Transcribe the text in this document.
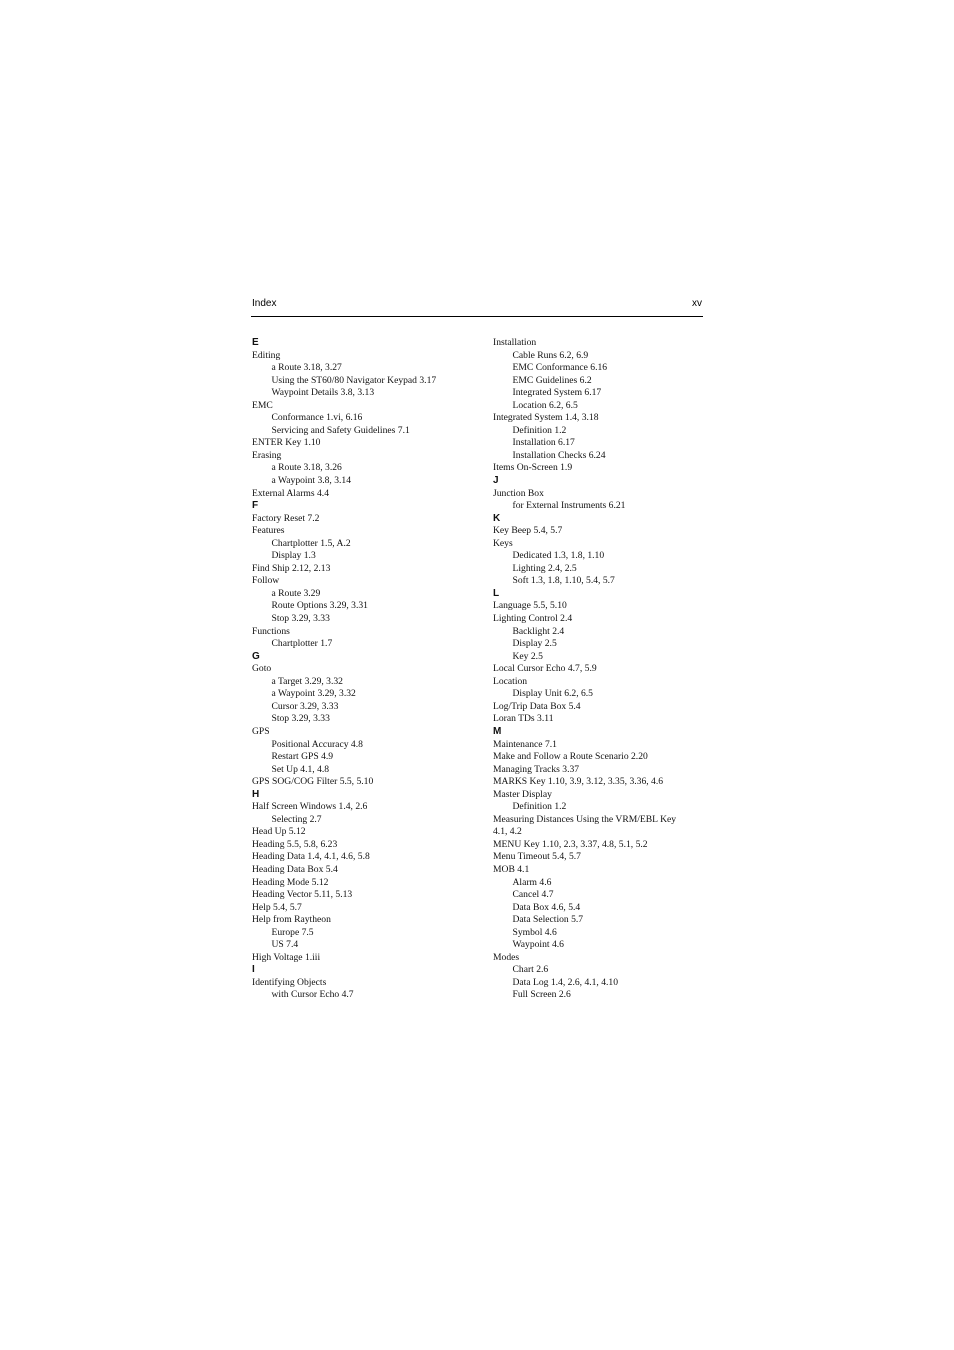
Index	xv
E
Editing
a Route 3.18, 3.27
Using the ST60/80 Navigator Keypad 3.17
Waypoint Details 3.8, 3.13
EMC
Conformance 1.vi, 6.16
Servicing and Safety Guidelines 7.1
ENTER Key 1.10
Erasing
a Route 3.18, 3.26
a Waypoint 3.8, 3.14
External Alarms 4.4
F
Factory Reset 7.2
Features
Chartplotter 1.5, A.2
Display 1.3
Find Ship 2.12, 2.13
Follow
a Route 3.29
Route Options 3.29, 3.31
Stop 3.29, 3.33
Functions
Chartplotter 1.7
G
Goto
a Target 3.29, 3.32
a Waypoint 3.29, 3.32
Cursor 3.29, 3.33
Stop 3.29, 3.33
GPS
Positional Accuracy 4.8
Restart GPS 4.9
Set Up 4.1, 4.8
GPS SOG/COG Filter 5.5, 5.10
H
Half Screen Windows 1.4, 2.6
Selecting 2.7
Head Up 5.12
Heading 5.5, 5.8, 6.23
Heading Data 1.4, 4.1, 4.6, 5.8
Heading Data Box 5.4
Heading Mode 5.12
Heading Vector 5.11, 5.13
Help 5.4, 5.7
Help from Raytheon
Europe 7.5
US 7.4
High Voltage 1.iii
I
Identifying Objects
with Cursor Echo 4.7
Installation
Cable Runs 6.2, 6.9
EMC Conformance 6.16
EMC Guidelines 6.2
Integrated System 6.17
Location 6.2, 6.5
Integrated System 1.4, 3.18
Definition 1.2
Installation 6.17
Installation Checks 6.24
Items On-Screen 1.9
J
Junction Box
for External Instruments 6.21
K
Key Beep 5.4, 5.7
Keys
Dedicated 1.3, 1.8, 1.10
Lighting 2.4, 2.5
Soft 1.3, 1.8, 1.10, 5.4, 5.7
L
Language 5.5, 5.10
Lighting Control 2.4
Backlight 2.4
Display 2.5
Key 2.5
Local Cursor Echo 4.7, 5.9
Location
Display Unit 6.2, 6.5
Log/Trip Data Box 5.4
Loran TDs 3.11
M
Maintenance 7.1
Make and Follow a Route Scenario 2.20
Managing Tracks 3.37
MARKS Key 1.10, 3.9, 3.12, 3.35, 3.36, 4.6
Master Display
Definition 1.2
Measuring Distances Using the VRM/EBL Key
4.1, 4.2
MENU Key 1.10, 2.3, 3.37, 4.8, 5.1, 5.2
Menu Timeout 5.4, 5.7
MOB 4.1
Alarm 4.6
Cancel 4.7
Data Box 4.6, 5.4
Data Selection 5.7
Symbol 4.6
Waypoint 4.6
Modes
Chart 2.6
Data Log 1.4, 2.6, 4.1, 4.10
Full Screen 2.6
